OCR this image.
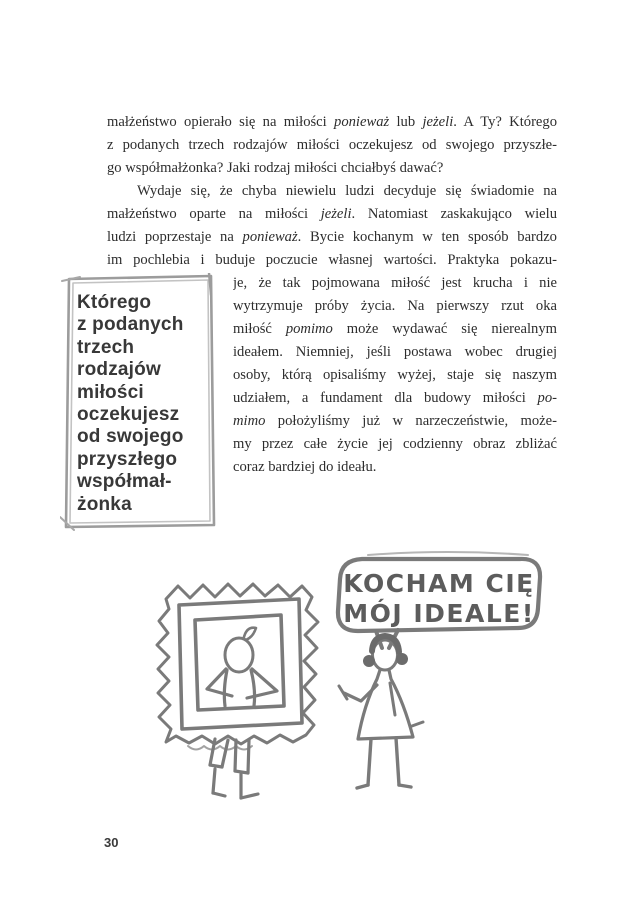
małżeństwo opierało się na miłości ponieważ lub jeżeli. A Ty? Którego
z podanych trzech rodzajów miłości oczekujesz od swojego przyszłe-
go współmałżonka? Jaki rodzaj miłości chciałbyś dawać?
Wydaje się, że chyba niewielu ludzi decyduje się świadomie na
małżeństwo oparte na miłości jeżeli. Natomiast zaskakująco wielu
ludzi poprzestaje na ponieważ. Bycie kochanym w ten sposób bardzo
im pochlebia i buduje poczucie własnej wartości. Praktyka pokazu-
je, że tak pojmowana miłość jest krucha i nie
wytrzymuje próby życia. Na pierwszy rzut oka
miłość pomimo może wydawać się nierealnym
ideałem. Niemniej, jeśli postawa wobec drugiej
osoby, którą opisaliśmy wyżej, staje się naszym
udziałem, a fundament dla budowy miłości po-
mimo położyliśmy już w narzeczeństwie, może-
my przez całe życie jej codzienny obraz zbliżać
coraz bardziej do ideału.
Którego
z podanych
trzech
rodzajów
miłości
oczekujesz
od swojego
przyszłego
współmał-
żonka
KOCHAM CIĘ
MÓJ IDEALE!
30
